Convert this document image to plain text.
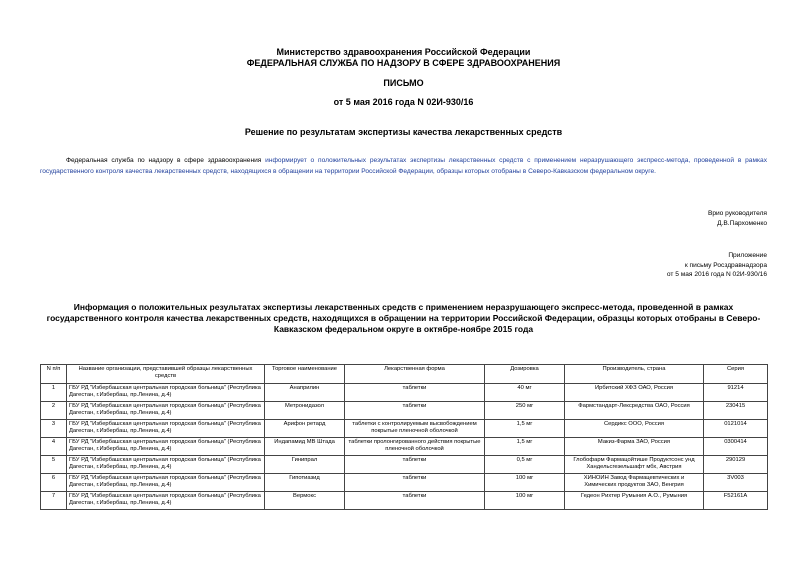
Министерство здравоохранения Российской Федерации
ФЕДЕРАЛЬНАЯ СЛУЖБА ПО НАДЗОРУ В СФЕРЕ ЗДРАВООХРАНЕНИЯ
ПИСЬМО
от 5 мая 2016 года N 02И-930/16
Решение по результатам экспертизы качества лекарственных средств
Федеральная служба по надзору в сфере здравоохранения информирует о положительных результатах экспертизы лекарственных средств с применением неразрушающего экспресс-метода, проведенной в рамках государственного контроля качества лекарственных средств, находящихся в обращении на территории Российской Федерации, образцы которых отобраны в Северо-Кавказском федеральном округе.
Врио руководителя
Д.В.Пархоменко
Приложение
к письму Росздравнадзора
от 5 мая 2016 года N 02И-930/16
Информация о положительных результатах экспертизы лекарственных средств с применением неразрушающего экспресс-метода, проведенной в рамках государственного контроля качества лекарственных средств, находящихся в обращении на территории Российской Федерации, образцы которых отобраны в Северо-Кавказском федеральном округе в октябре-ноябре 2015 года
N п/п	Название организации, представившей образцы лекарственных средств	Торговое наименование	Лекарственная форма	Дозировка	Производитель, страна	Серия
1	ГБУ РД "Избербашская центральная городская больница" (Республика Дагестан, г.Избербаш, пр.Ленина, д.4)	Анаприлин	таблетки	40 мг	Ирбитский ХФЗ ОАО, Россия	91214
2	ГБУ РД "Избербашская центральная городская больница" (Республика Дагестан, г.Избербаш, пр.Ленина, д.4)	Метронидазол	таблетки	250 мг	Фармстандарт-Лексредства ОАО, Россия	230415
3	ГБУ РД "Избербашская центральная городская больница" (Республика Дагестан, г.Избербаш, пр.Ленина, д.4)	Арифон ретард	таблетки с контролируемым высвобождением покрытые пленочной оболочкой	1,5 мг	Сердикс ООО, Россия	0121014
4	ГБУ РД "Избербашская центральная городская больница" (Республика Дагестан, г.Избербаш, пр.Ленина, д.4)	Индапамид МВ Штада	таблетки пролонгированного действия покрытые пленочной оболочкой	1,5 мг	Макиз-Фарма ЗАО, Россия	0300414
5	ГБУ РД "Избербашская центральная городская больница" (Республика Дагестан, г.Избербаш, пр.Ленина, д.4)	Гинипрал	таблетки	0,5 мг	Глобофарм Фармацойтише Продуктсонс унд Хандельсгезельшафт мбх, Австрия	290129
6	ГБУ РД "Избербашская центральная городская больница" (Республика Дагестан, г.Избербаш, пр.Ленина, д.4)	Гипотиазид	таблетки	100 мг	ХИНОИН Завод Фармацевтических и Химических продуктов ЗАО, Венгрия	3V003
7	ГБУ РД "Избербашская центральная городская больница" (Республика Дагестан, г.Избербаш, пр.Ленина, д.4)	Вермокс	таблетки	100 мг	Гедеон Рихтер Румыния А.О., Румыния	F52161A
